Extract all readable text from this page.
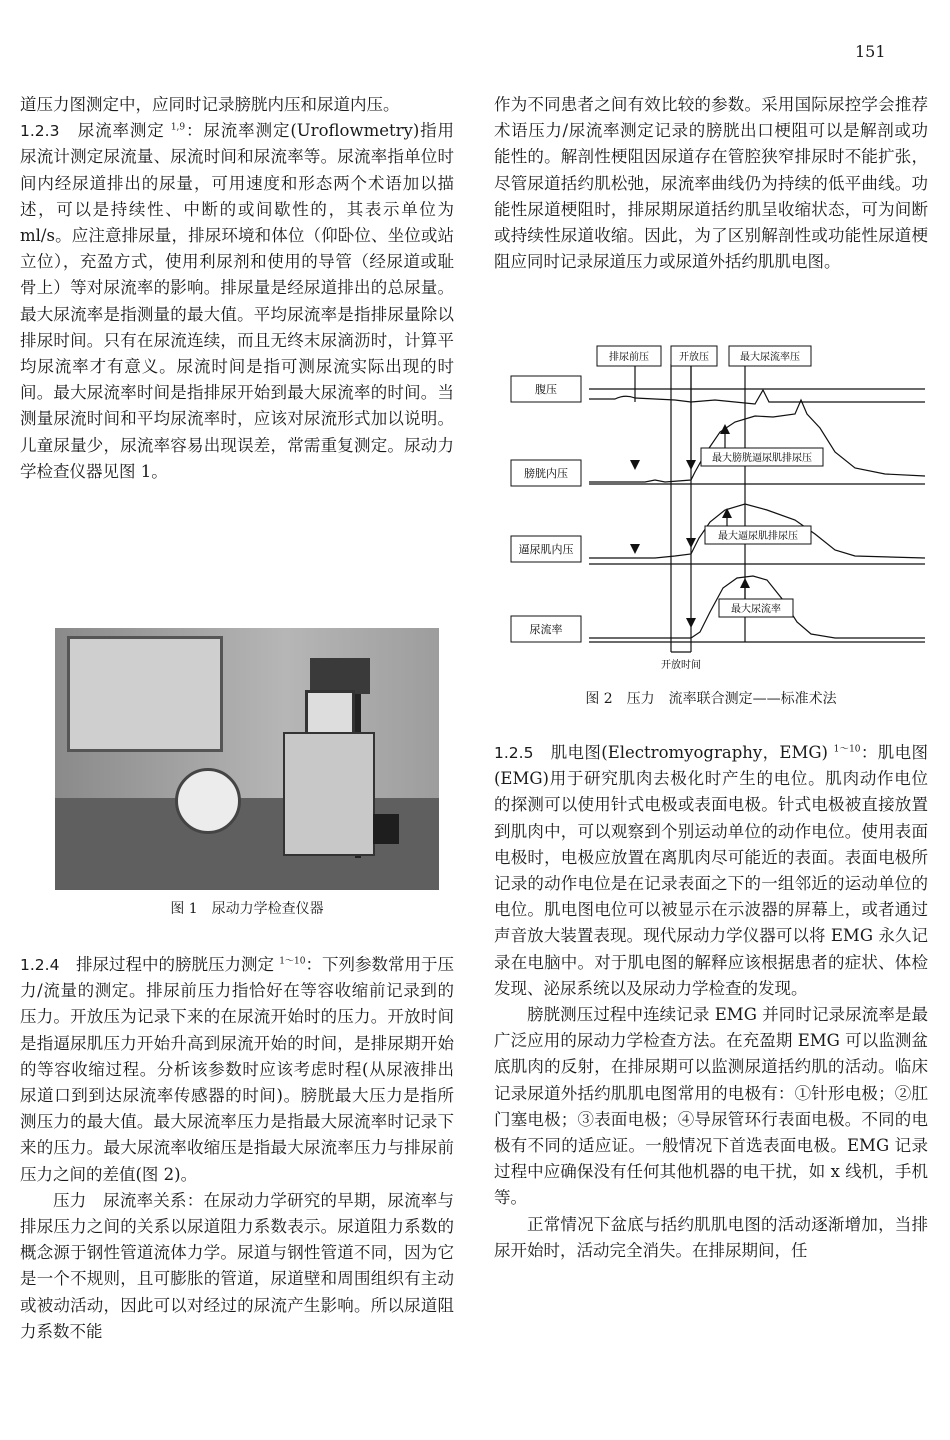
151

道压力图测定中，应同时记录膀胱内压和尿道内压。

1.2.3　 尿流率测定 $^{1,9}$：尿流率测定(Uroflowmetry)指用尿流计测定尿流量、尿流时间和尿流率等。尿流率指单位时间内经尿道排出的尿量，可用速度和形态两个术语加以描述，可以是持续性、中断的或间歇性的，其表示单位为 ml/s。应注意排尿量，排尿环境和体位（仰卧位、坐位或站立位），充盈方式，使用利尿剂和使用的导管（经尿道或耻骨上）等对尿流率的影响。排尿量是经尿道排出的总尿量。最大尿流率是指测量的最大值。平均尿流率是指排尿量除以排尿时间。只有在尿流连续，而且无终末尿滴沥时，计算平均尿流率才有意义。尿流时间是指可测尿流实际出现的时间。最大尿流率时间是指排尿开始到最大尿流率的时间。当测量尿流时间和平均尿流率时，应该对尿流形式加以说明。儿童尿量少，尿流率容易出现误差，常需重复测定。尿动力学检查仪器见图 1。

图 1　尿动力学检查仪器

1.2.4　 排尿过程中的膀胱压力测定 $^{1\sim 10}$：下列参数常用于压力/流量的测定。排尿前压力指恰好在等容收缩前记录到的压力。开放压为记录下来的在尿流开始时的压力。开放时间是指逼尿肌压力开始升高到尿流开始的时间，是排尿期开始的等容收缩过程。分析该参数时应该考虑时程(从尿液排出尿道口到到达尿流率传感器的时间)。膀胱最大压力是指所测压力的最大值。最大尿流率压力是指最大尿流率时记录下来的压力。最大尿流率收缩压是指最大尿流率压力与排尿前压力之间的差值(图 2)。

压力　尿流率关系：在尿动力学研究的早期，尿流率与排尿压力之间的关系以尿道阻力系数表示。尿道阻力系数的概念源于钢性管道流体力学。尿道与钢性管道不同，因为它是一个不规则，且可膨胀的管道，尿道壁和周围组织有主动或被动活动，因此可以对经过的尿流产生影响。所以尿道阻力系数不能

作为不同患者之间有效比较的参数。采用国际尿控学会推荐术语压力/尿流率测定记录的膀胱出口梗阻可以是解剖或功能性的。解剖性梗阻因尿道存在管腔狭窄排尿时不能扩张，尽管尿道括约肌松弛，尿流率曲线仍为持续的低平曲线。功能性尿道梗阻时，排尿期尿道括约肌呈收缩状态，可为间断或持续性尿道收缩。因此，为了区别解剖性或功能性尿道梗阻应同时记录尿道压力或尿道外括约肌肌电图。

腹压
膀胱内压
逼尿肌内压
尿流率
排尿前压	开放压	最大尿流率压
最大膀胱逼尿肌排尿压
最大逼尿肌排尿压
最大尿流率
开放时间
图 2　压力　流率联合测定——标准术法

1.2.5　 肌电图(Electromyography，EMG) $^{1\sim 10}$：肌电图(EMG)用于研究肌肉去极化时产生的电位。肌肉动作电位的探测可以使用针式电极或表面电极。针式电极被直接放置到肌肉中，可以观察到个别运动单位的动作电位。使用表面电极时，电极应放置在离肌肉尽可能近的表面。表面电极所记录的动作电位是在记录表面之下的一组邻近的运动单位的电位。肌电图电位可以被显示在示波器的屏幕上，或者通过声音放大装置表现。现代尿动力学仪器可以将 EMG 永久记录在电脑中。对于肌电图的解释应该根据患者的症状、体检发现、泌尿系统以及尿动力学检查的发现。

膀胱测压过程中连续记录 EMG 并同时记录尿流率是最广泛应用的尿动力学检查方法。在充盈期 EMG 可以监测盆底肌肉的反射，在排尿期可以监测尿道括约肌的活动。临床记录尿道外括约肌肌电图常用的电极有：①针形电极；②肛门塞电极；③表面电极；④导尿管环行表面电极。不同的电极有不同的适应证。一般情况下首选表面电极。EMG 记录过程中应确保没有任何其他机器的电干扰，如 x 线机，手机等。

正常情况下盆底与括约肌肌电图的活动逐渐增加，当排尿开始时，活动完全消失。在排尿期间，任
